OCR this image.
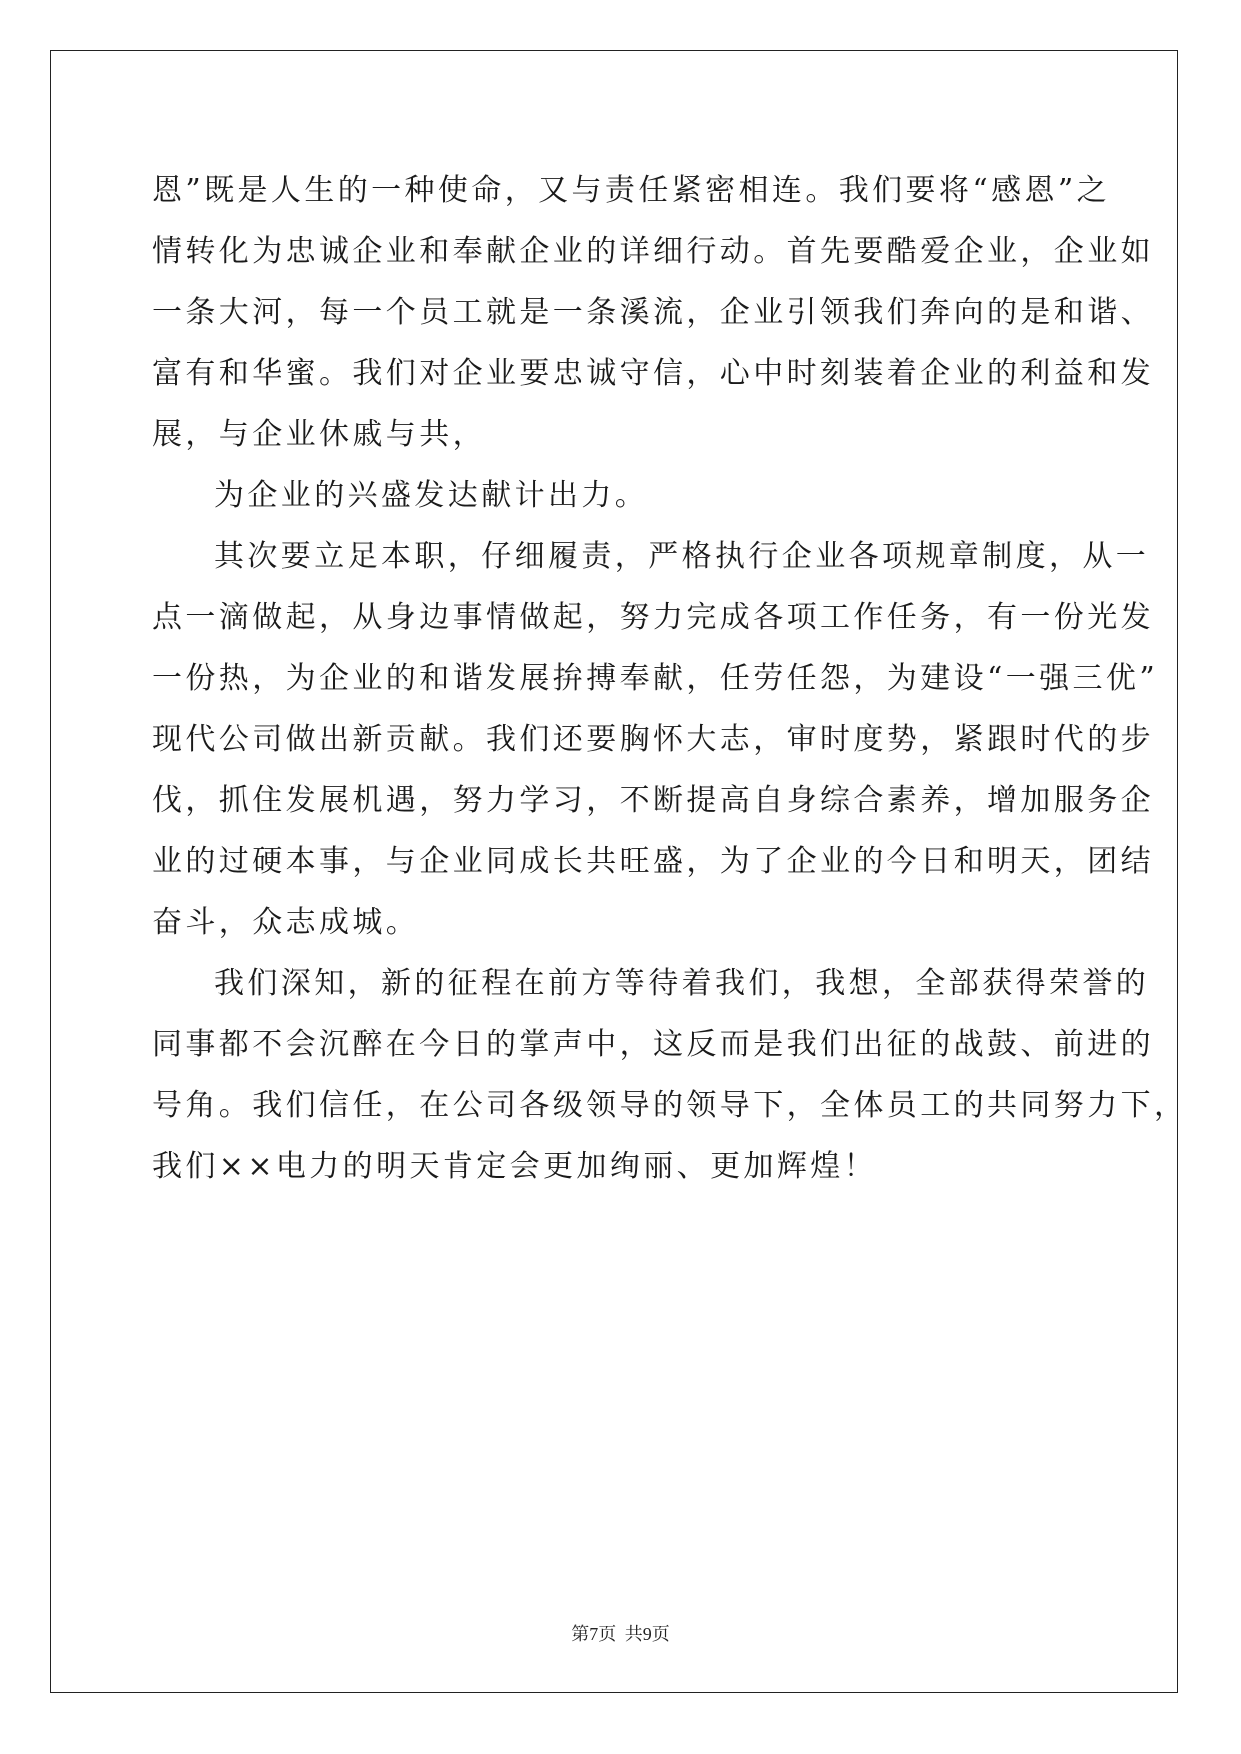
恩”既是人生的一种使命，又与责任紧密相连。我们要将“感恩”之
情转化为忠诚企业和奉献企业的详细行动。首先要酷爱企业，企业如
一条大河，每一个员工就是一条溪流，企业引领我们奔向的是和谐、
富有和华蜜。我们对企业要忠诚守信，心中时刻装着企业的利益和发
展，与企业休戚与共，
为企业的兴盛发达献计出力。
其次要立足本职，仔细履责，严格执行企业各项规章制度，从一
点一滴做起，从身边事情做起，努力完成各项工作任务，有一份光发
一份热，为企业的和谐发展拚搏奉献，任劳任怨，为建设“一强三优”
现代公司做出新贡献。我们还要胸怀大志，审时度势，紧跟时代的步
伐，抓住发展机遇，努力学习，不断提高自身综合素养，增加服务企
业的过硬本事，与企业同成长共旺盛，为了企业的今日和明天，团结
奋斗，众志成城。
我们深知，新的征程在前方等待着我们，我想，全部获得荣誉的
同事都不会沉醉在今日的掌声中，这反而是我们出征的战鼓、前进的
号角。我们信任，在公司各级领导的领导下，全体员工的共同努力下，
我们××电力的明天肯定会更加绚丽、更加辉煌！
第7页 共9页
